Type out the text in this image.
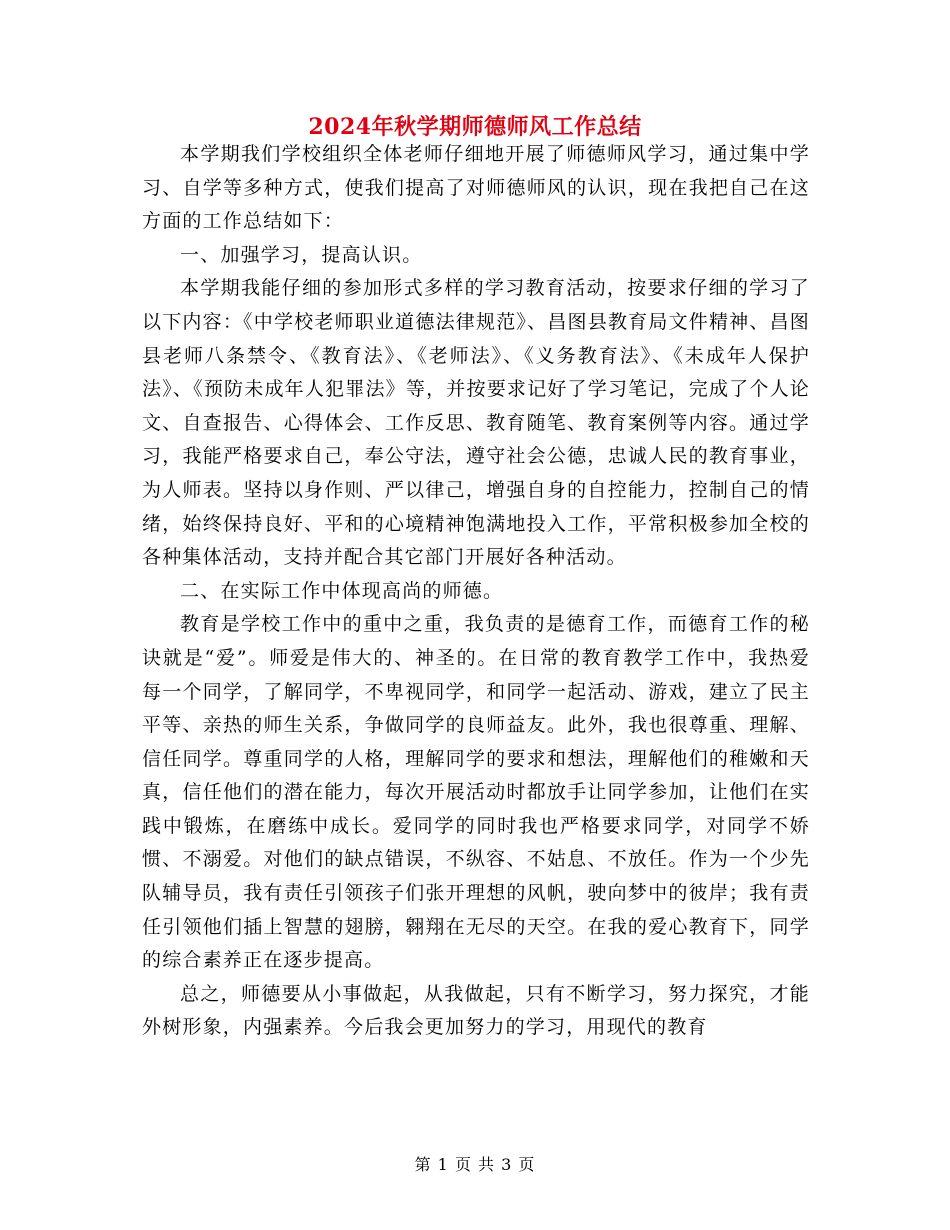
2024年秋学期师德师风工作总结

本学期我们学校组织全体老师仔细地开展了师德师风学习，通过集中学习、自学等多种方式，使我们提高了对师德师风的认识，现在我把自己在这方面的工作总结如下：

一、加强学习，提高认识。

本学期我能仔细的参加形式多样的学习教育活动，按要求仔细的学习了以下内容：《中学校老师职业道德法律规范》、昌图县教育局文件精神、昌图县老师八条禁令、《教育法》、《老师法》、《义务教育法》、《未成年人保护法》、《预防未成年人犯罪法》等，并按要求记好了学习笔记，完成了个人论文、自查报告、心得体会、工作反思、教育随笔、教育案例等内容。通过学习，我能严格要求自己，奉公守法，遵守社会公德，忠诚人民的教育事业，为人师表。坚持以身作则、严以律己，增强自身的自控能力，控制自己的情绪，始终保持良好、平和的心境精神饱满地投入工作，平常积极参加全校的各种集体活动，支持并配合其它部门开展好各种活动。

二、在实际工作中体现高尚的师德。

教育是学校工作中的重中之重，我负责的是德育工作，而德育工作的秘诀就是“爱”。师爱是伟大的、神圣的。在日常的教育教学工作中，我热爱每一个同学，了解同学，不卑视同学，和同学一起活动、游戏，建立了民主平等、亲热的师生关系，争做同学的良师益友。此外，我也很尊重、理解、信任同学。尊重同学的人格，理解同学的要求和想法，理解他们的稚嫩和天真，信任他们的潜在能力，每次开展活动时都放手让同学参加，让他们在实践中锻炼，在磨练中成长。爱同学的同时我也严格要求同学，对同学不娇惯、不溺爱。对他们的缺点错误，不纵容、不姑息、不放任。作为一个少先队辅导员，我有责任引领孩子们张开理想的风帆，驶向梦中的彼岸；我有责任引领他们插上智慧的翅膀，翱翔在无尽的天空。在我的爱心教育下，同学的综合素养正在逐步提高。

总之，师德要从小事做起，从我做起，只有不断学习，努力探究，才能外树形象，内强素养。今后我会更加努力的学习，用现代的教育

第 1 页 共 3 页
